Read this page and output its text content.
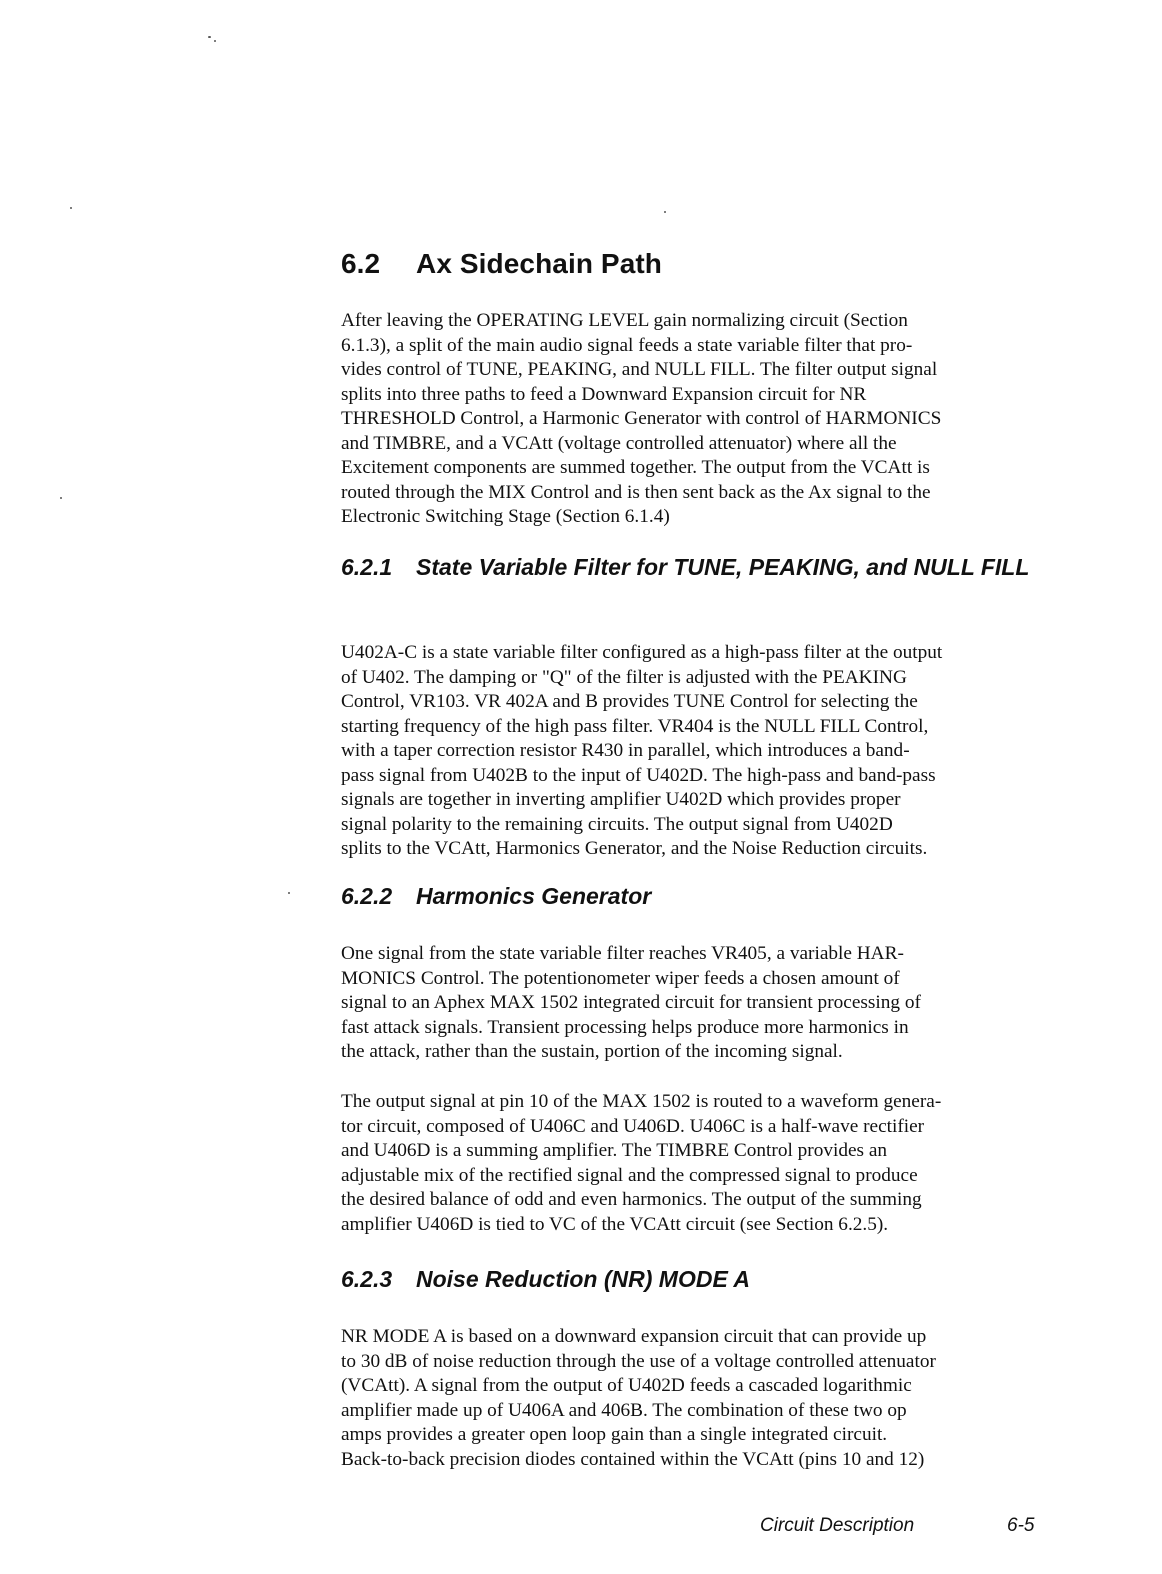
6.2 Ax Sidechain Path

After leaving the OPERATING LEVEL gain normalizing circuit (Section
6.1.3), a split of the main audio signal feeds a state variable filter that pro-
vides control of TUNE, PEAKING, and NULL FILL. The filter output signal
splits into three paths to feed a Downward Expansion circuit for NR
THRESHOLD Control, a Harmonic Generator with control of HARMONICS
and TIMBRE, and a VCAtt (voltage controlled attenuator) where all the
Excitement components are summed together. The output from the VCAtt is
routed through the MIX Control and is then sent back as the Ax signal to the
Electronic Switching Stage (Section 6.1.4)

6.2.1	State Variable Filter for TUNE, PEAKING, and NULL FILL

U402A-C is a state variable filter configured as a high-pass filter at the output
of U402. The damping or "Q" of the filter is adjusted with the PEAKING
Control, VR103. VR 402A and B provides TUNE Control for selecting the
starting frequency of the high pass filter. VR404 is the NULL FILL Control,
with a taper correction resistor R430 in parallel, which introduces a band-
pass signal from U402B to the input of U402D. The high-pass and band-pass
signals are together in inverting amplifier U402D which provides proper
signal polarity to the remaining circuits. The output signal from U402D
splits to the VCAtt, Harmonics Generator, and the Noise Reduction circuits.

6.2.2	Harmonics Generator

One signal from the state variable filter reaches VR405, a variable HAR-
MONICS Control. The potentionometer wiper feeds a chosen amount of
signal to an Aphex MAX 1502 integrated circuit for transient processing of
fast attack signals. Transient processing helps produce more harmonics in
the attack, rather than the sustain, portion of the incoming signal.

The output signal at pin 10 of the MAX 1502 is routed to a waveform genera-
tor circuit, composed of U406C and U406D. U406C is a half-wave rectifier
and U406D is a summing amplifier. The TIMBRE Control provides an
adjustable mix of the rectified signal and the compressed signal to produce
the desired balance of odd and even harmonics. The output of the summing
amplifier U406D is tied to VC of the VCAtt circuit (see Section 6.2.5).

6.2.3	Noise Reduction (NR) MODE A

NR MODE A is based on a downward expansion circuit that can provide up
to 30 dB of noise reduction through the use of a voltage controlled attenuator
(VCAtt). A signal from the output of U402D feeds a cascaded logarithmic
amplifier made up of U406A and 406B. The combination of these two op
amps provides a greater open loop gain than a single integrated circuit.
Back-to-back precision diodes contained within the VCAtt (pins 10 and 12)

Circuit Description	6-5
